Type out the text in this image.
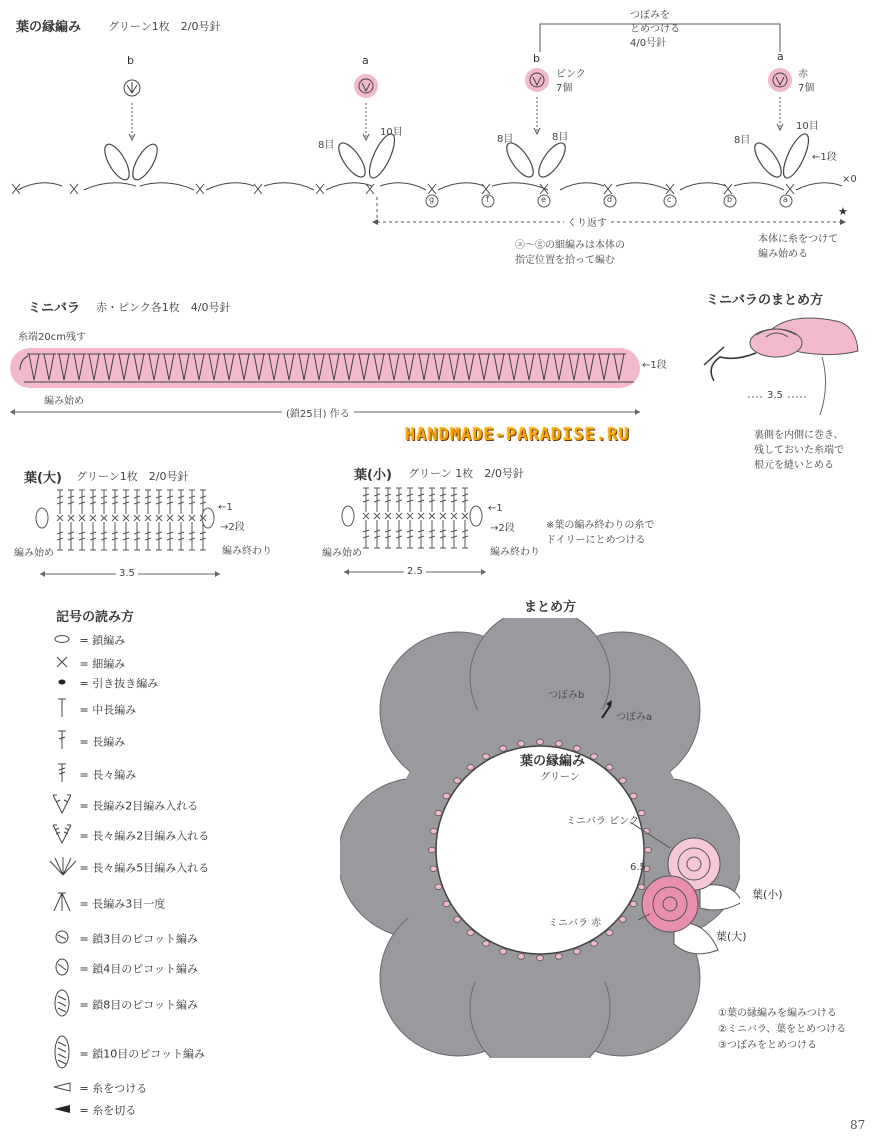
葉の縁編み グリーン1枚　2/0号針
つぼみを
とめつける
4/0号針
★
b	a	b	a
ピンク
7個
赤
7個
8目
10目
8目	8目	8目
10目
←1段
×0
g	f	e	d	c	b	a
くり返す
ⓐ～ⓖの細編みは本体の
指定位置を拾って編む
本体に糸をつけて
編み始める
ミニバラ 赤・ピンク各1枚　4/0号針
糸端20cm残す
←1段
編み始め
(鎖25目) 作る
ミニバラのまとめ方
3.5
裏側を内側に巻き、
残しておいた糸端で
根元を縫いとめる
HANDMADE-PARADISE.RU
葉(大) グリーン1枚　2/0号針
←1
→2段
編み始め	編み終わり
3.5
葉(小) グリーン 1枚　2/0号針
←1
→2段
編み始め	編み終わり
2.5
※葉の編み終わりの糸で
ドイリーにとめつける
記号の読み方
= 鎖編み
= 細編み
= 引き抜き編み
= 中長編み
= 長編み
= 長々編み
= 長編み2目編み入れる
= 長々編み2目編み入れる
= 長々編み5目編み入れる
= 長編み3目一度
= 鎖3目のピコット編み
= 鎖4目のピコット編み
= 鎖8目のピコット編み
= 鎖10目のピコット編み
= 糸をつける
= 糸を切る
まとめ方
つぼみb
つぼみa
葉の縁編み
グリーン
ミニバラ ピンク
6.5
ミニバラ 赤
葉(小)
葉(大)
①葉の縁編みを編みつける
②ミニバラ、葉をとめつける
③つぼみをとめつける
87
